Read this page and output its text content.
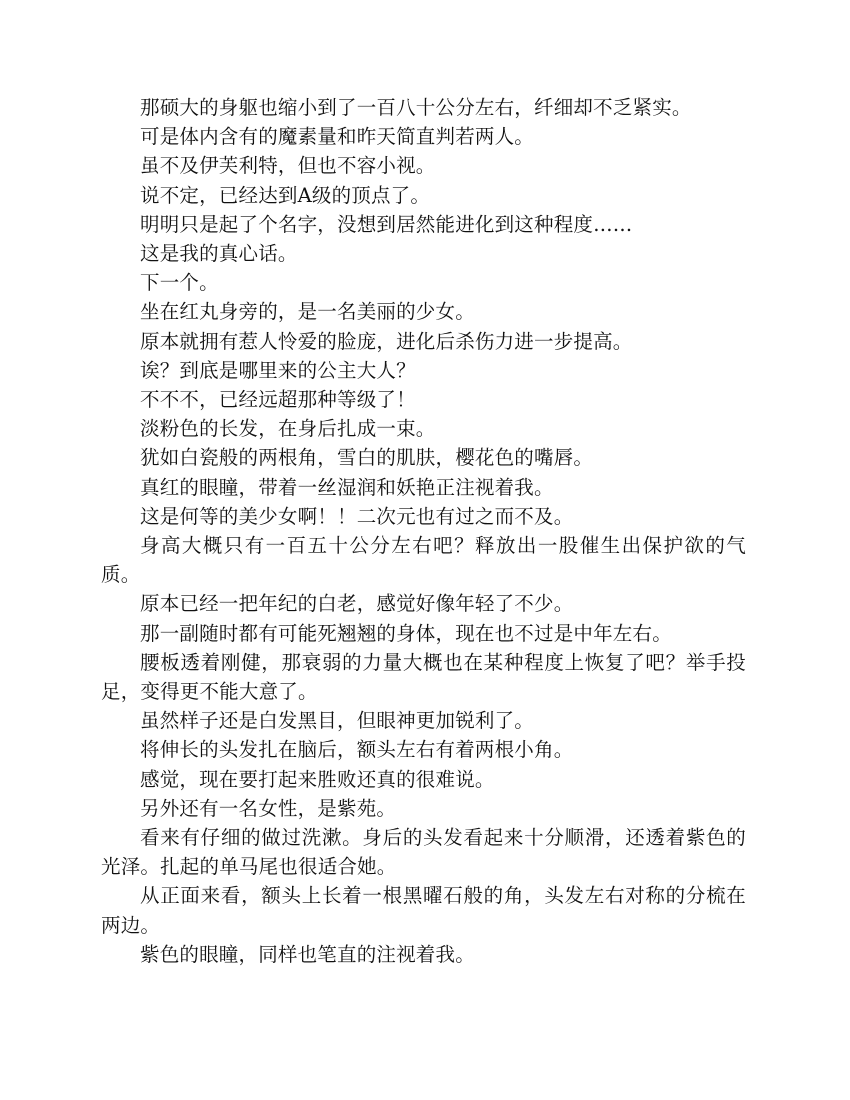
那硕大的身躯也缩小到了一百八十公分左右，纤细却不乏紧实。

可是体内含有的魔素量和昨天简直判若两人。

虽不及伊芙利特，但也不容小视。

说不定，已经达到A级的顶点了。

明明只是起了个名字，没想到居然能进化到这种程度……

这是我的真心话。

下一个。

坐在红丸身旁的，是一名美丽的少女。

原本就拥有惹人怜爱的脸庞，进化后杀伤力进一步提高。

诶？到底是哪里来的公主大人？

不不不，已经远超那种等级了！

淡粉色的长发，在身后扎成一束。

犹如白瓷般的两根角，雪白的肌肤，樱花色的嘴唇。

真红的眼瞳，带着一丝湿润和妖艳正注视着我。

这是何等的美少女啊！！二次元也有过之而不及。

身高大概只有一百五十公分左右吧？释放出一股催生出保护欲的气质。

原本已经一把年纪的白老，感觉好像年轻了不少。

那一副随时都有可能死翘翘的身体，现在也不过是中年左右。

腰板透着刚健，那衰弱的力量大概也在某种程度上恢复了吧？举手投足，变得更不能大意了。

虽然样子还是白发黑目，但眼神更加锐利了。

将伸长的头发扎在脑后，额头左右有着两根小角。

感觉，现在要打起来胜败还真的很难说。

另外还有一名女性，是紫苑。

看来有仔细的做过洗漱。身后的头发看起来十分顺滑，还透着紫色的光泽。扎起的单马尾也很适合她。

从正面来看，额头上长着一根黑曜石般的角，头发左右对称的分梳在两边。

紫色的眼瞳，同样也笔直的注视着我。
